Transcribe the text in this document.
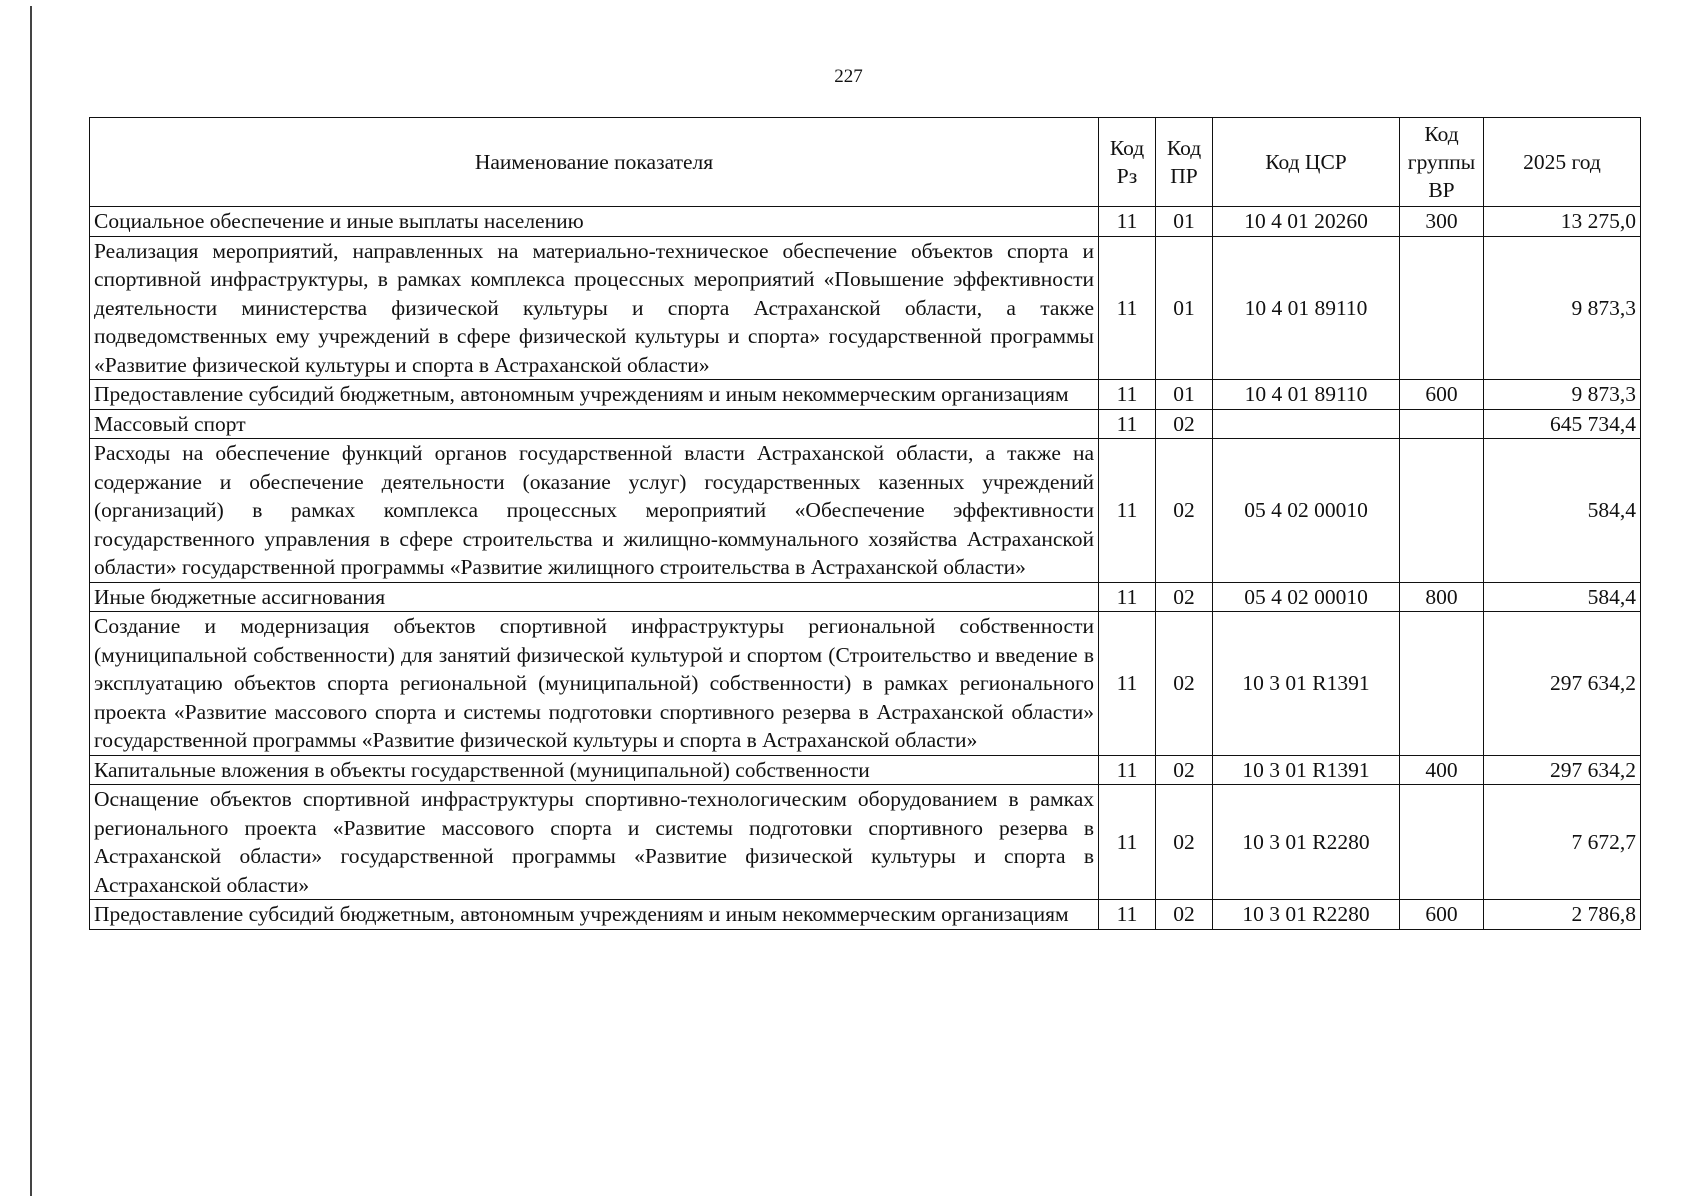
227
Наименование показателя	Код Рз	Код ПР	Код ЦСР	Код группы ВР	2025 год
Социальное обеспечение и иные выплаты населению	11	01	10 4 01 20260	300	13 275,0
Реализация мероприятий, направленных на материально-техническое обеспечение объектов спорта и спортивной инфраструктуры, в рамках комплекса процессных мероприятий «Повышение эффективности деятельности министерства физической культуры и спорта Астраханской области, а также подведомственных ему учреждений в сфере физической культуры и спорта» государственной программы «Развитие физической культуры и спорта в Астраханской области»	11	01	10 4 01 89110		9 873,3
Предоставление субсидий бюджетным, автономным учреждениям и иным некоммерческим организациям	11	01	10 4 01 89110	600	9 873,3
Массовый спорт	11	02			645 734,4
Расходы на обеспечение функций органов государственной власти Астраханской области, а также на содержание и обеспечение деятельности (оказание услуг) государственных казенных учреждений (организаций) в рамках комплекса процессных мероприятий «Обеспечение эффективности государственного управления в сфере строительства и жилищно-коммунального хозяйства Астраханской области» государственной программы «Развитие жилищного строительства в Астраханской области»	11	02	05 4 02 00010		584,4
Иные бюджетные ассигнования	11	02	05 4 02 00010	800	584,4
Создание и модернизация объектов спортивной инфраструктуры региональной собственности (муниципальной собственности) для занятий физической культурой и спортом (Строительство и введение в эксплуатацию объектов спорта региональной (муниципальной) собственности) в рамках регионального проекта «Развитие массового спорта и системы подготовки спортивного резерва в Астраханской области» государственной программы «Развитие физической культуры и спорта в Астраханской области»	11	02	10 3 01 R1391		297 634,2
Капитальные вложения в объекты государственной (муниципальной) собственности	11	02	10 3 01 R1391	400	297 634,2
Оснащение объектов спортивной инфраструктуры спортивно-технологическим оборудованием в рамках регионального проекта «Развитие массового спорта и системы подготовки спортивного резерва в Астраханской области» государственной программы «Развитие физической культуры и спорта в Астраханской области»	11	02	10 3 01 R2280		7 672,7
Предоставление субсидий бюджетным, автономным учреждениям и иным некоммерческим организациям	11	02	10 3 01 R2280	600	2 786,8
